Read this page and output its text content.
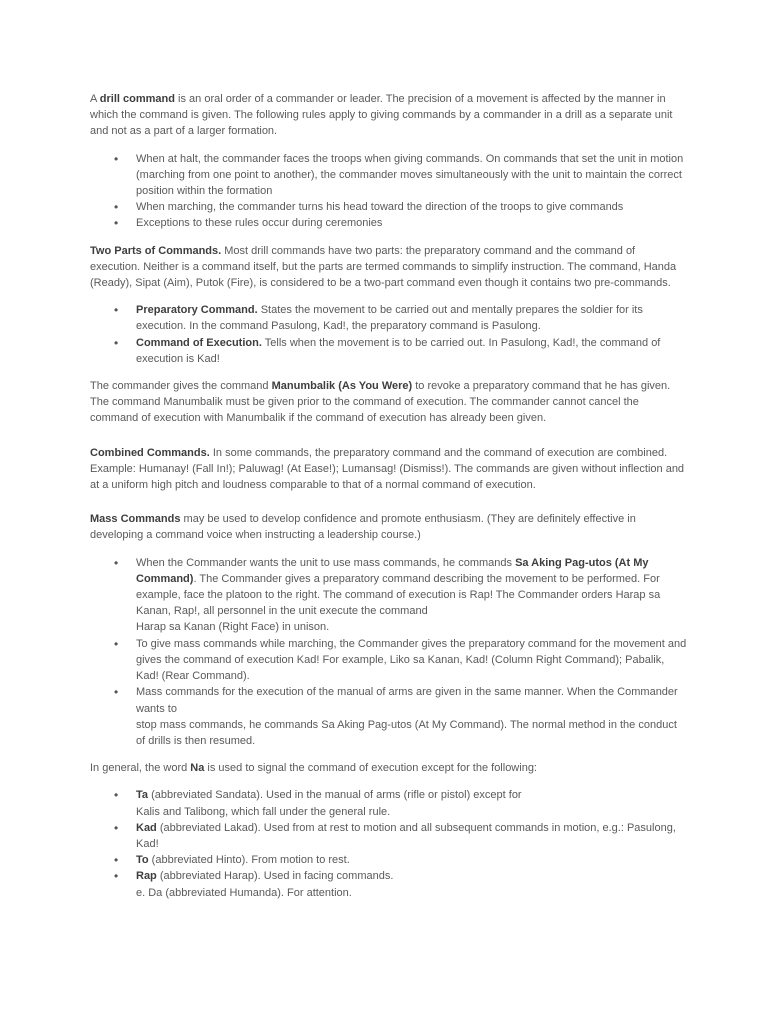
A drill command is an oral order of a commander or leader. The precision of a movement is affected by the manner in which the command is given. The following rules apply to giving commands by a commander in a drill as a separate unit and not as a part of a larger formation.

• When at halt, the commander faces the troops when giving commands. On commands that set the unit in motion (marching from one point to another), the commander moves simultaneously with the unit to maintain the correct position within the formation
• When marching, the commander turns his head toward the direction of the troops to give commands
• Exceptions to these rules occur during ceremonies

Two Parts of Commands. Most drill commands have two parts: the preparatory command and the command of execution. Neither is a command itself, but the parts are termed commands to simplify instruction. The command, Handa (Ready), Sipat (Aim), Putok (Fire), is considered to be a two-part command even though it contains two pre-commands.

• Preparatory Command. States the movement to be carried out and mentally prepares the soldier for its execution. In the command Pasulong, Kad!, the preparatory command is Pasulong.
• Command of Execution. Tells when the movement is to be carried out. In Pasulong, Kad!, the command of execution is Kad!

The commander gives the command Manumbalik (As You Were) to revoke a preparatory command that he has given. The command Manumbalik must be given prior to the command of execution. The commander cannot cancel the command of execution with Manumbalik if the command of execution has already been given.

Combined Commands. In some commands, the preparatory command and the command of execution are combined. Example: Humanay! (Fall In!); Paluwag! (At Ease!); Lumansag! (Dismiss!). The commands are given without inflection and at a uniform high pitch and loudness comparable to that of a normal command of execution.

Mass Commands may be used to develop confidence and promote enthusiasm. (They are definitely effective in developing a command voice when instructing a leadership course.)

• When the Commander wants the unit to use mass commands, he commands Sa Aking Pag-utos (At My Command). The Commander gives a preparatory command describing the movement to be performed. For example, face the platoon to the right. The command of execution is Rap! The Commander orders Harap sa Kanan, Rap!, all personnel in the unit execute the command
Harap sa Kanan (Right Face) in unison.
• To give mass commands while marching, the Commander gives the preparatory command for the movement and gives the command of execution Kad! For example, Liko sa Kanan, Kad! (Column Right Command); Pabalik, Kad! (Rear Command).
• Mass commands for the execution of the manual of arms are given in the same manner. When the Commander wants to
stop mass commands, he commands Sa Aking Pag-utos (At My Command). The normal method in the conduct of drills is then resumed.

In general, the word Na is used to signal the command of execution except for the following:

• Ta (abbreviated Sandata). Used in the manual of arms (rifle or pistol) except for
Kalis and Talibong, which fall under the general rule.
• Kad (abbreviated Lakad). Used from at rest to motion and all subsequent commands in motion, e.g.: Pasulong, Kad!
• To (abbreviated Hinto). From motion to rest.
• Rap (abbreviated Harap). Used in facing commands.
e. Da (abbreviated Humanda). For attention.
